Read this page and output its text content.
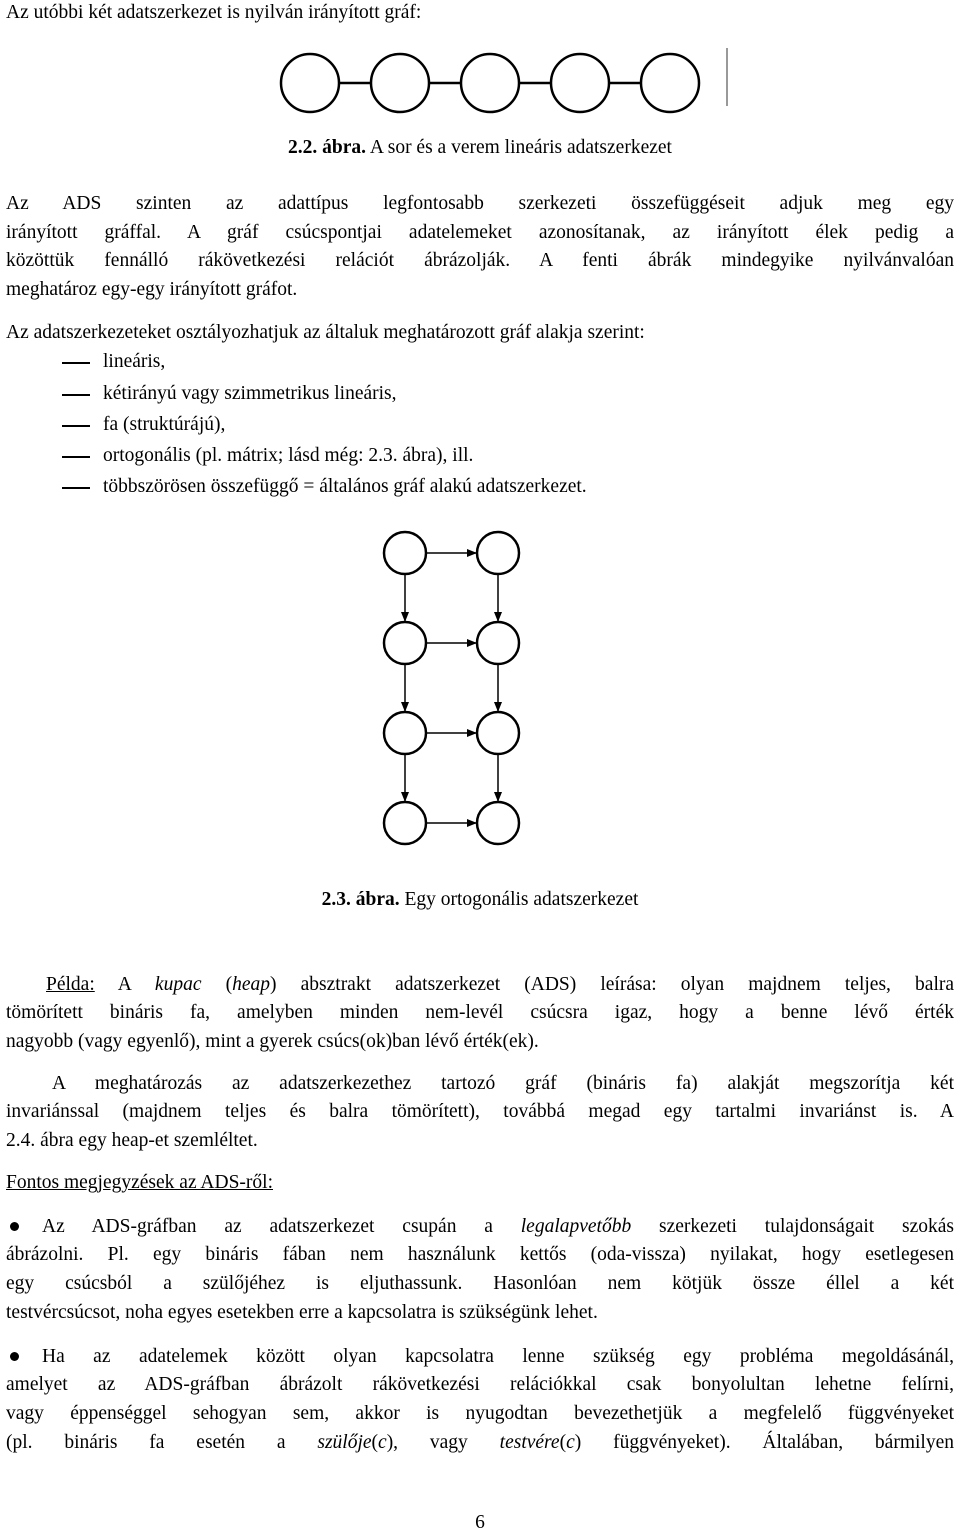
Az utóbbi két adatszerkezet is nyilván irányított gráf:
2.2. ábra. A sor és a verem lineáris adatszerkezet
Az ADS szinten az adattípus legfontosabb szerkezeti összefüggéseit adjuk meg egy
irányított gráffal. A gráf csúcspontjai adatelemeket azonosítanak, az irányított élek pedig a
közöttük fennálló rákövetkezési relációt ábrázolják. A fenti ábrák mindegyike nyilvánvalóan
meghatároz egy-egy irányított gráfot.
Az adatszerkezeteket osztályozhatjuk az általuk meghatározott gráf alakja szerint:
lineáris,
kétirányú vagy szimmetrikus lineáris,
fa (struktúrájú),
ortogonális (pl. mátrix; lásd még: 2.3. ábra), ill.
többszörösen összefüggő = általános gráf alakú adatszerkezet.
2.3. ábra. Egy ortogonális adatszerkezet
Példa: A kupac (heap) absztrakt adatszerkezet (ADS) leírása: olyan majdnem teljes, balra
tömörített bináris fa, amelyben minden nem-levél csúcsra igaz, hogy a benne lévő érték
nagyobb (vagy egyenlő), mint a gyerek csúcs(ok)ban lévő érték(ek).
A meghatározás az adatszerkezethez tartozó gráf (bináris fa) alakját megszorítja két
invariánssal (majdnem teljes és balra tömörített), továbbá megad egy tartalmi invariánst is. A
2.4. ábra egy heap-et szemléltet.
Fontos megjegyzések az ADS-ről:
Az ADS-gráfban az adatszerkezet csupán a legalapvetőbb szerkezeti tulajdonságait szokás
ábrázolni. Pl. egy bináris fában nem használunk kettős (oda-vissza) nyilakat, hogy esetlegesen
egy csúcsból a szülőjéhez is eljuthassunk. Hasonlóan nem kötjük össze éllel a két
testvércsúcsot, noha egyes esetekben erre a kapcsolatra is szükségünk lehet.
Ha az adatelemek között olyan kapcsolatra lenne szükség egy probléma megoldásánál,
amelyet az ADS-gráfban ábrázolt rákövetkezési relációkkal csak bonyolultan lehetne felírni,
vagy éppenséggel sehogyan sem, akkor is nyugodtan bevezethetjük a megfelelő függvényeket
(pl. bináris fa esetén a szülője(c), vagy testvére(c) függvényeket). Általában, bármilyen
6
